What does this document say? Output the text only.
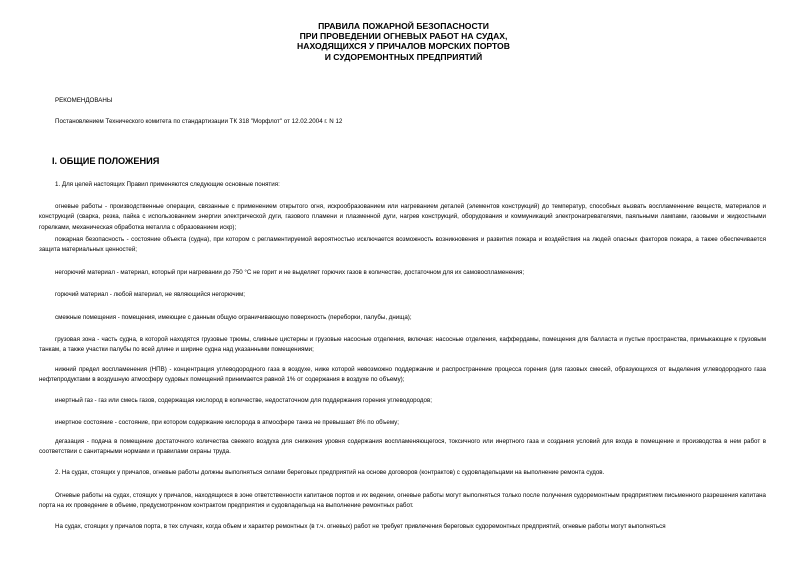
ПРАВИЛА ПОЖАРНОЙ БЕЗОПАСНОСТИ
ПРИ ПРОВЕДЕНИИ ОГНЕВЫХ РАБОТ НА СУДАХ,
НАХОДЯЩИХСЯ У ПРИЧАЛОВ МОРСКИХ ПОРТОВ
И СУДОРЕМОНТНЫХ ПРЕДПРИЯТИЙ
РЕКОМЕНДОВАНЫ
Постановлением Технического комитета по стандартизации ТК 318 "Морфлот" от 12.02.2004 г. N 12
I. ОБЩИЕ ПОЛОЖЕНИЯ
1. Для целей настоящих Правил применяются следующие основные понятия:
огневые работы - производственные операции, связанные с применением открытого огня, искрообразованием или нагреванием деталей (элементов конструкций) до температур, способных вызвать воспламенение веществ, материалов и конструкций (сварка, резка, пайка с использованием энергии электрической дуги, газового пламени и плазменной дуги, нагрев конструкций, оборудования и коммуникаций электронагревателями, паяльными лампами, газовыми и жидкостными горелками, механическая обработка металла с образованием искр);
пожарная безопасность - состояние объекта (судна), при котором с регламентируемой вероятностью исключается возможность возникновения и развития пожара и воздействия на людей опасных факторов пожара, а также обеспечивается защита материальных ценностей;
негорючий материал - материал, который при нагревании до 750 °C не горит и не выделяет горючих газов в количестве, достаточном для их самовоспламенения;
горючий материал - любой материал, не являющийся негорючим;
смежные помещения - помещения, имеющие с данным общую ограничивающую поверхность (переборки, палубы, днища);
грузовая зона - часть судна, в которой находятся грузовые трюмы, сливные цистерны и грузовые насосные отделения, включая: насосные отделения, каффердамы, помещения для балласта и пустые пространства, примыкающие к грузовым танкам, а также участки палубы по всей длине и ширине судна над указанными помещениями;
нижний предел воспламенения (НПВ) - концентрация углеводородного газа в воздухе, ниже которой невозможно поддержание и распространение процесса горения (для газовых смесей, образующихся от выделения углеводородного газа нефтепродуктами в воздушную атмосферу судовых помещений принимается равной 1% от содержания в воздухе по объему);
инертный газ - газ или смесь газов, содержащая кислород в количестве, недостаточном для поддержания горения углеводородов;
инертное состояние - состояние, при котором содержание кислорода в атмосфере танка не превышает 8% по объему;
дегазация - подача в помещение достаточного количества свежего воздуха для снижения уровня содержания воспламеняющегося, токсичного или инертного газа и создания условий для входа в помещение и производства в нем работ в соответствии с санитарными нормами и правилами охраны труда.
2. На судах, стоящих у причалов, огневые работы должны выполняться силами береговых предприятий на основе договоров (контрактов) с судовладельцами на выполнение ремонта судов.
Огневые работы на судах, стоящих у причалов, находящихся в зоне ответственности капитанов портов и их ведении, огневые работы могут выполняться только после получения судоремонтным предприятием письменного разрешения капитана порта на их проведение в объеме, предусмотренном контрактом предприятия и судовладельца на выполнение ремонтных работ.
На судах, стоящих у причалов порта, в тех случаях, когда объем и характер ремонтных (в т.ч. огневых) работ не требует привлечения береговых судоремонтных предприятий, огневые работы могут выполняться
